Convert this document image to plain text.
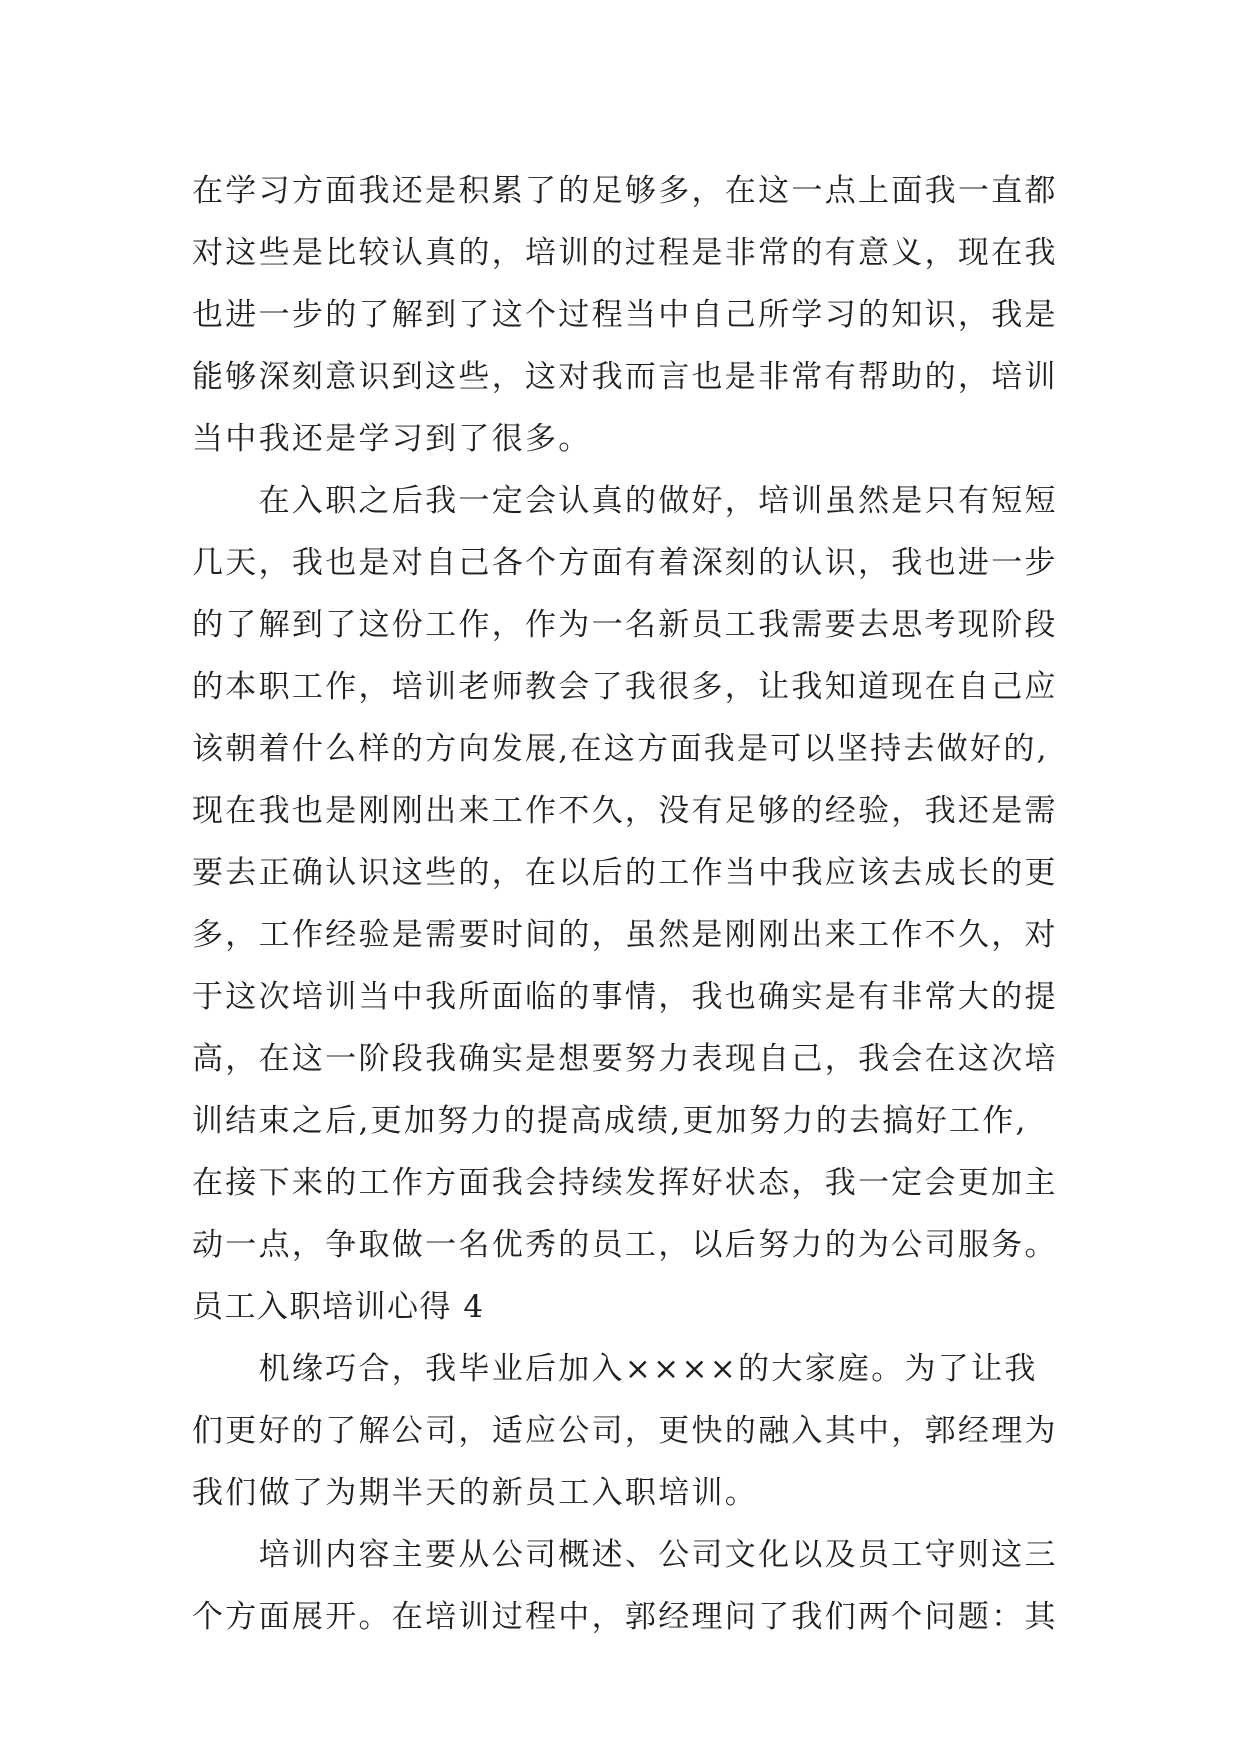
在学习方面我还是积累了的足够多，在这一点上面我一直都
对这些是比较认真的，培训的过程是非常的有意义，现在我
也进一步的了解到了这个过程当中自己所学习的知识，我是
能够深刻意识到这些，这对我而言也是非常有帮助的，培训
当中我还是学习到了很多。
　　在入职之后我一定会认真的做好，培训虽然是只有短短
几天，我也是对自己各个方面有着深刻的认识，我也进一步
的了解到了这份工作，作为一名新员工我需要去思考现阶段
的本职工作，培训老师教会了我很多，让我知道现在自己应
该朝着什么样的方向发展,在这方面我是可以坚持去做好的,
现在我也是刚刚出来工作不久，没有足够的经验，我还是需
要去正确认识这些的，在以后的工作当中我应该去成长的更
多，工作经验是需要时间的，虽然是刚刚出来工作不久，对
于这次培训当中我所面临的事情，我也确实是有非常大的提
高，在这一阶段我确实是想要努力表现自己，我会在这次培
训结束之后,更加努力的提高成绩,更加努力的去搞好工作,
在接下来的工作方面我会持续发挥好状态，我一定会更加主
动一点，争取做一名优秀的员工，以后努力的为公司服务。
员工入职培训心得 4
　　机缘巧合，我毕业后加入××××的大家庭。为了让我
们更好的了解公司，适应公司，更快的融入其中，郭经理为
我们做了为期半天的新员工入职培训。
　　培训内容主要从公司概述、公司文化以及员工守则这三
个方面展开。在培训过程中，郭经理问了我们两个问题：其
